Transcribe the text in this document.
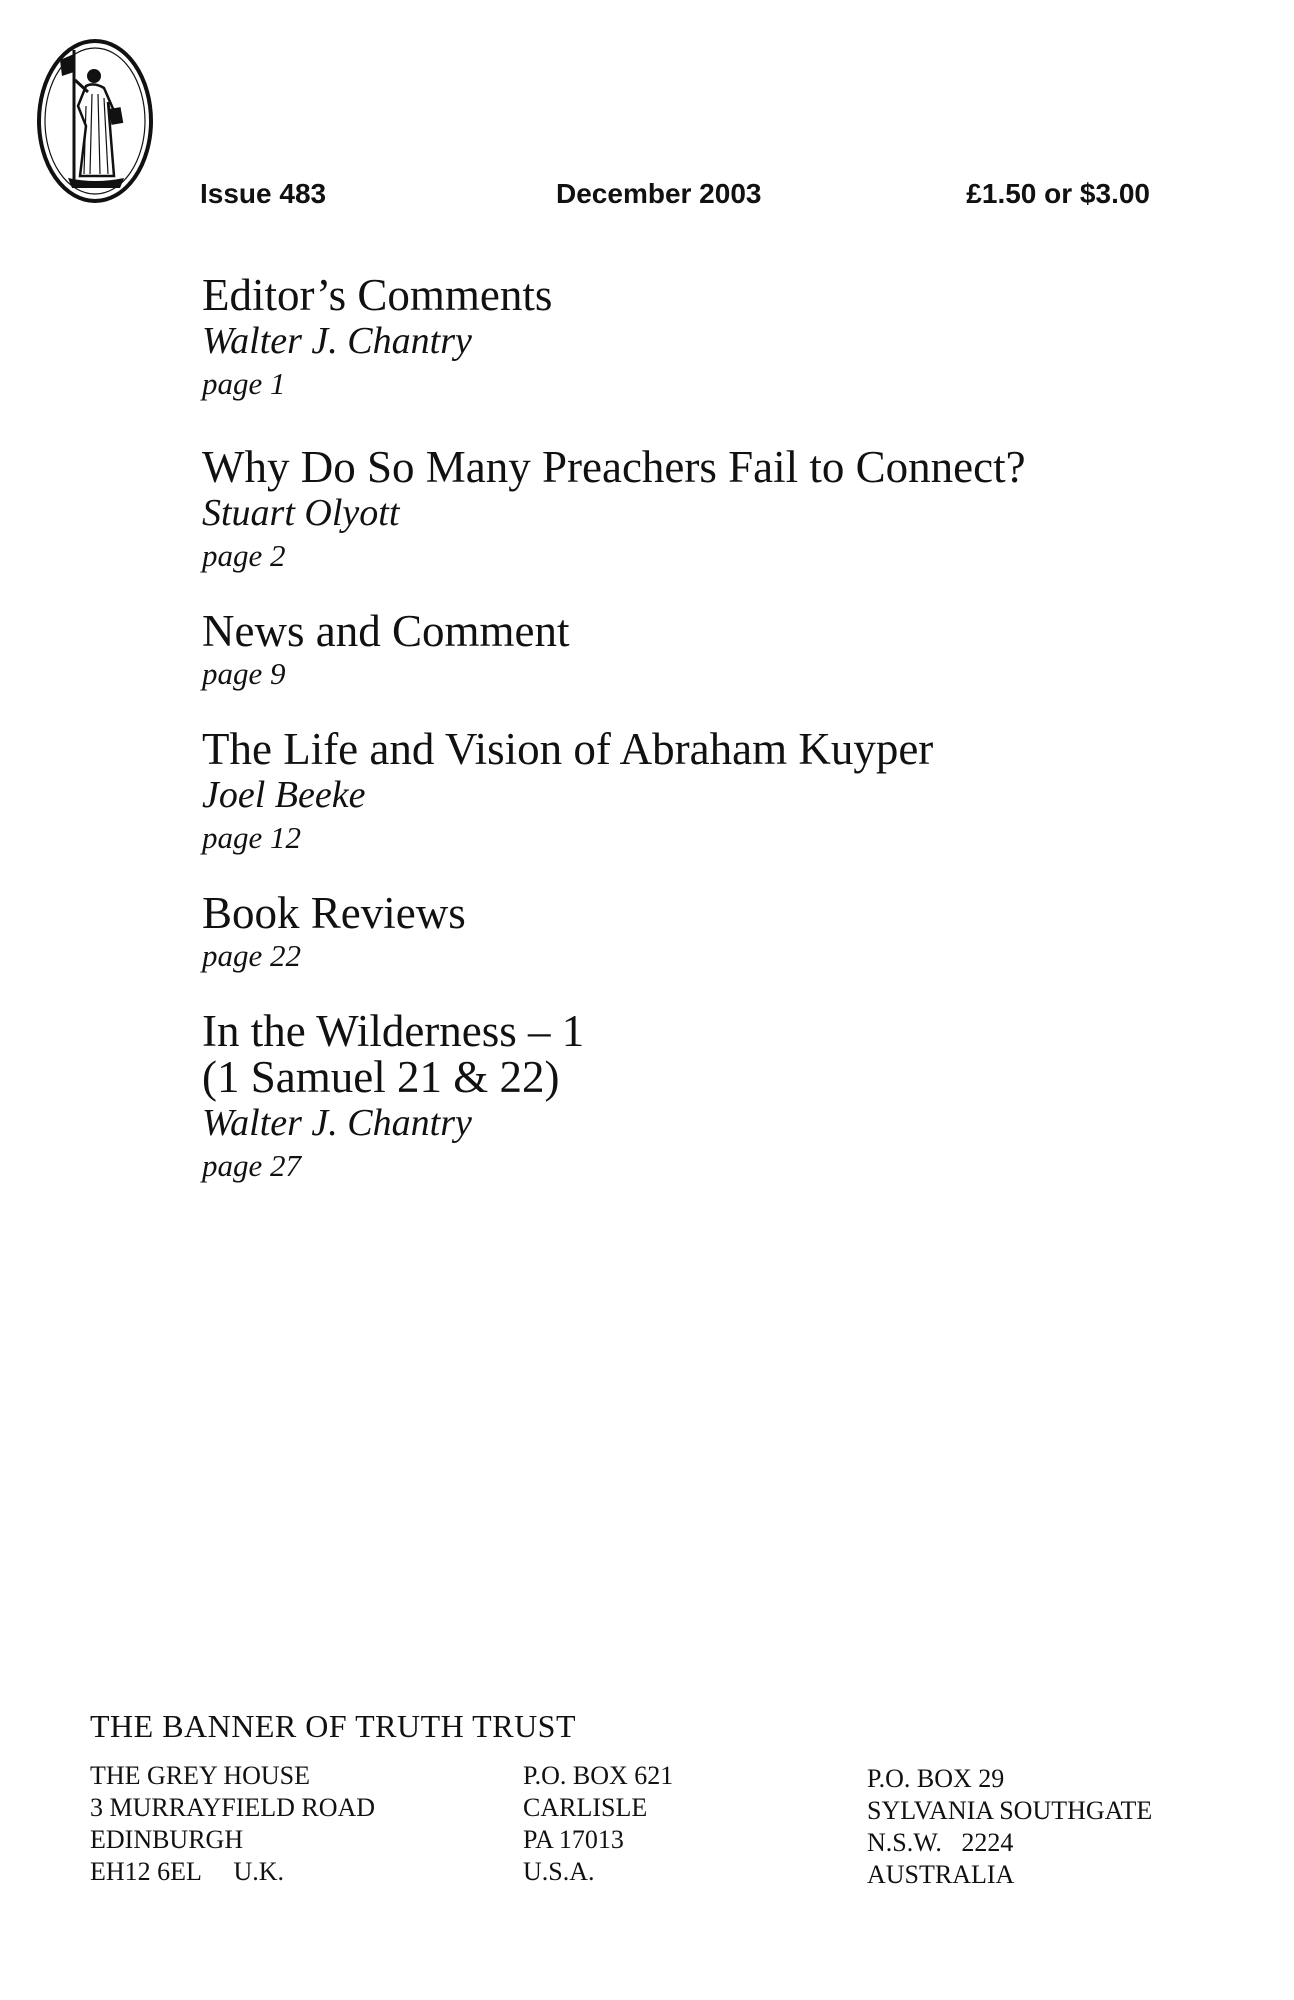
Issue 483	December 2003	£1.50 or $3.00
Editor’s Comments
Walter J. Chantry
page 1
Why Do So Many Preachers Fail to Connect?
Stuart Olyott
page 2
News and Comment
page 9
The Life and Vision of Abraham Kuyper
Joel Beeke
page 12
Book Reviews
page 22
In the Wilderness – 1
(1 Samuel 21 & 22)
Walter J. Chantry
page 27
THE BANNER OF TRUTH TRUST
THE GREY HOUSE
3 MURRAYFIELD ROAD
EDINBURGH
EH12 6EL     U.K.
P.O. BOX 621
CARLISLE
PA 17013
U.S.A.
P.O. BOX 29
SYLVANIA SOUTHGATE
N.S.W.   2224
AUSTRALIA
